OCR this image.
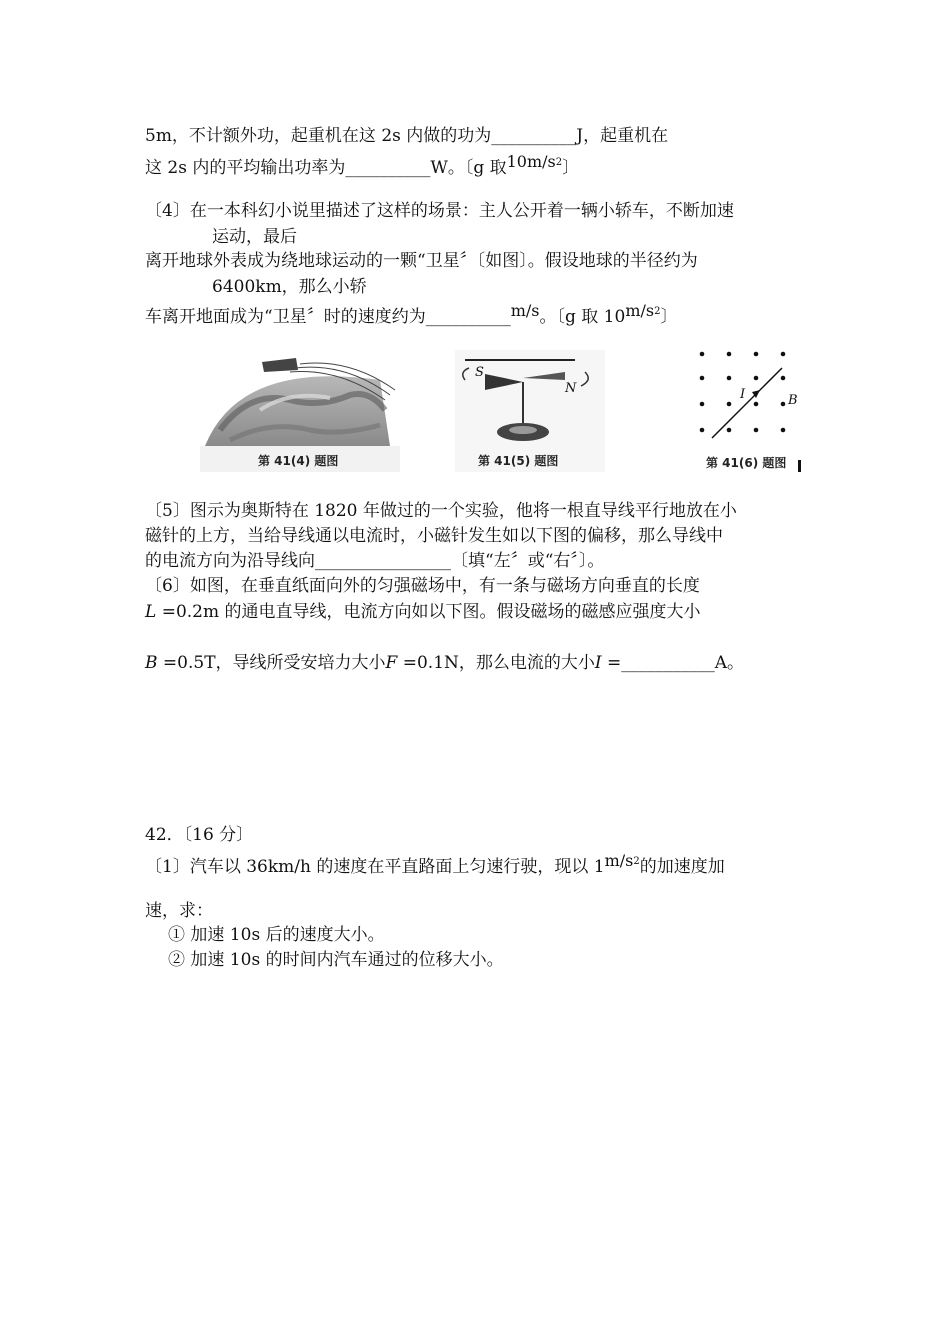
5m，不计额外功，起重机在这 2s 内做的功为__________J，起重机在
这 2s 内的平均输出功率为__________W。〔g 取$10m/s^2$〕
〔4〕在一本科幻小说里描述了这样的场景：主人公开着一辆小轿车，不断加速
运动，最后
离开地球外表成为绕地球运动的一颗“卫星〞〔如图〕。假设地球的半径约为
6400km，那么小轿
车离开地面成为“卫星〞时的速度约为__________m/s。〔g 取 $10m/s^2$〕
第 41(4) 题图	第 41(5) 题图
S
N	I	B
第 41(6) 题图
〔5〕图示为奥斯特在 1820 年做过的一个实验，他将一根直导线平行地放在小
磁针的上方，当给导线通以电流时，小磁针发生如以下图的偏移，那么导线中
的电流方向为沿导线向________________〔填“左〞或“右〞〕。
〔6〕如图，在垂直纸面向外的匀强磁场中，有一条与磁场方向垂直的长度
L =0.2m 的通电直导线，电流方向如以下图。假设磁场的磁感应强度大小
B =0.5T，导线所受安培力大小F =0.1N，那么电流的大小I =___________A。
42．〔16 分〕
〔1〕汽车以 36km/h 的速度在平直路面上匀速行驶，现以 $1m/s^2$的加速度加
速，求：
① 加速 10s 后的速度大小。
② 加速 10s 的时间内汽车通过的位移大小。
